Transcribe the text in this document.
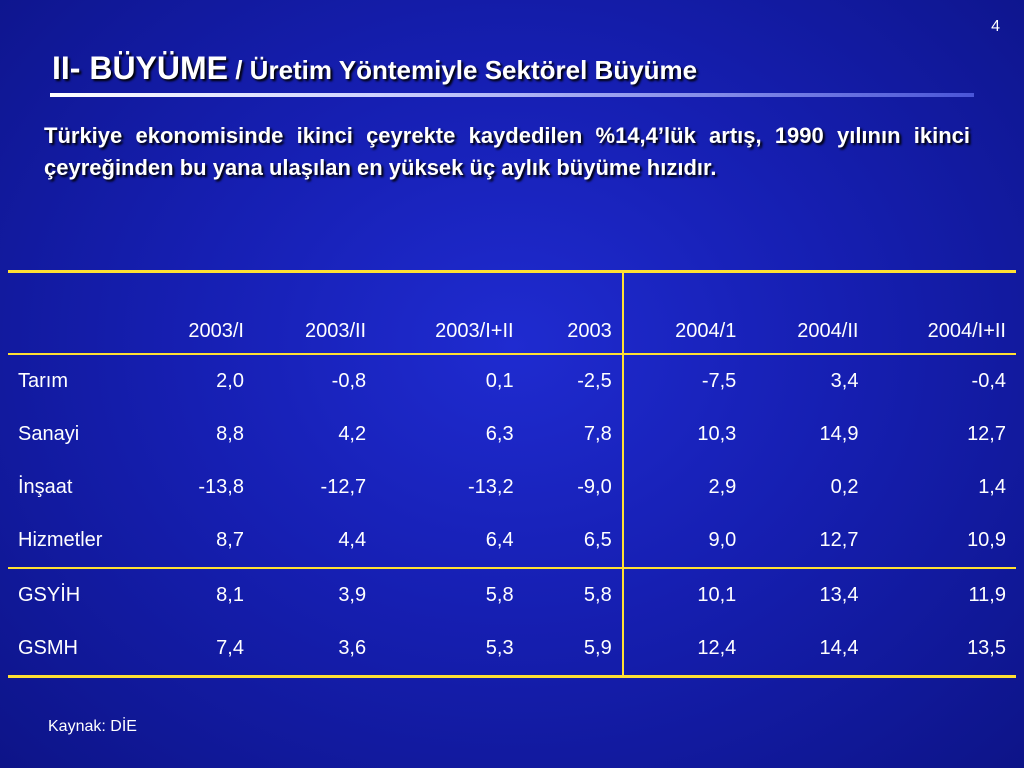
4
II- BÜYÜME / Üretim Yöntemiyle Sektörel Büyüme

Türkiye ekonomisinde ikinci çeyrekte kaydedilen %14,4’lük artış, 1990 yılının ikinci çeyreğinden bu yana ulaşılan en yüksek üç aylık büyüme hızıdır.

	2003/I	2003/II	2003/I+II	2003	2004/1	2004/II	2004/I+II
Tarım	2,0	-0,8	0,1	-2,5	-7,5	3,4	-0,4
Sanayi	8,8	4,2	6,3	7,8	10,3	14,9	12,7
İnşaat	-13,8	-12,7	-13,2	-9,0	2,9	0,2	1,4
Hizmetler	8,7	4,4	6,4	6,5	9,0	12,7	10,9
GSYİH	8,1	3,9	5,8	5,8	10,1	13,4	11,9
GSMH	7,4	3,6	5,3	5,9	12,4	14,4	13,5
Kaynak: DİE
